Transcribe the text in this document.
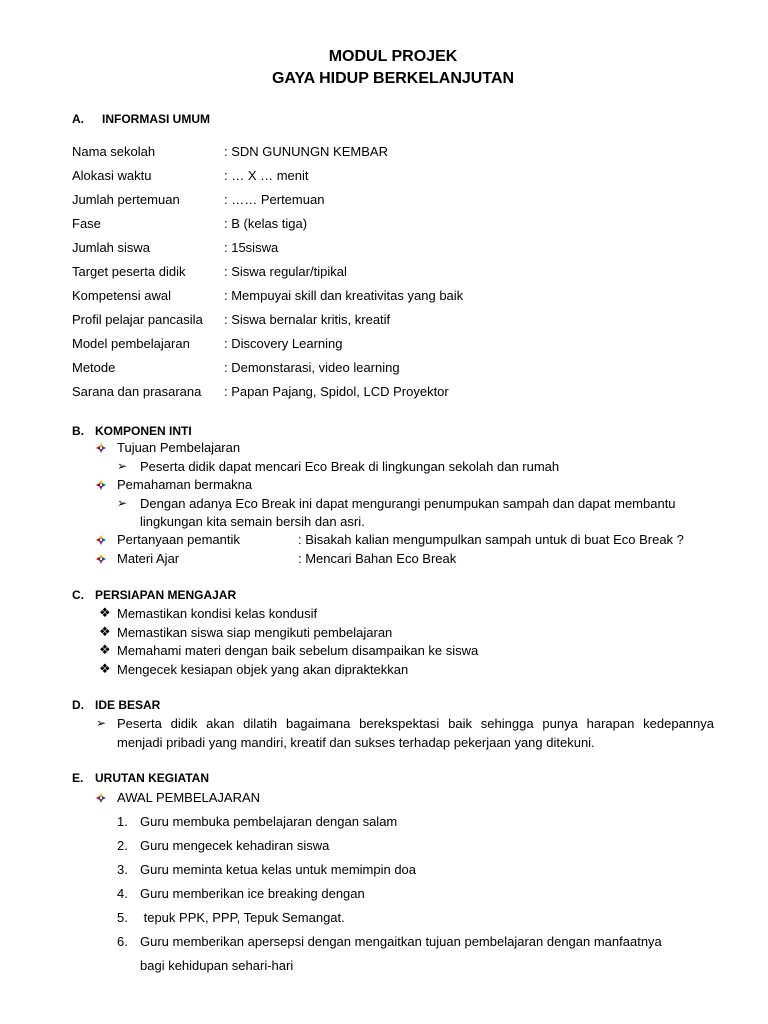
MODUL PROJEK
GAYA HIDUP BERKELANJUTAN
A. INFORMASI UMUM
Nama sekolah	: SDN GUNUNGN KEMBAR
Alokasi waktu	: … X … menit
Jumlah pertemuan	: …… Pertemuan
Fase	: B (kelas tiga)
Jumlah siswa	: 15siswa
Target peserta didik	: Siswa regular/tipikal
Kompetensi awal	: Mempuyai skill dan kreativitas yang baik
Profil pelajar pancasila : Siswa bernalar kritis, kreatif
Model pembelajaran	: Discovery Learning
Metode	: Demonstarasi, video learning
Sarana dan prasarana : Papan Pajang, Spidol, LCD Proyektor
B. KOMPONEN INTI
Tujuan Pembelajaran
➢ Peserta didik dapat mencari Eco Break di lingkungan sekolah dan rumah
Pemahaman bermakna
➢ Dengan adanya Eco Break ini dapat mengurangi penumpukan sampah dan dapat membantu
lingkungan kita semain bersih dan asri.
Pertanyaan pemantik	: Bisakah kalian mengumpulkan sampah untuk di buat Eco Break ?
Materi Ajar	: Mencari Bahan Eco Break
C. PERSIAPAN MENGAJAR
❖ Memastikan kondisi kelas kondusif
❖ Memastikan siswa siap mengikuti pembelajaran
❖ Memahami materi dengan baik sebelum disampaikan ke siswa
❖ Mengecek kesiapan objek yang akan dipraktekkan
D. IDE BESAR
➢ Peserta didik akan dilatih bagaimana berekspektasi baik sehingga punya harapan kedepannya
menjadi pribadi yang mandiri, kreatif dan sukses terhadap pekerjaan yang ditekuni.
E. URUTAN KEGIATAN
AWAL PEMBELAJARAN
1. Guru membuka pembelajaran dengan salam
2. Guru mengecek kehadiran siswa
3. Guru meminta ketua kelas untuk memimpin doa
4. Guru memberikan ice breaking dengan
5. tepuk PPK, PPP, Tepuk Semangat.
6. Guru memberikan apersepsi dengan mengaitkan tujuan pembelajaran dengan manfaatnya
bagi kehidupan sehari-hari
